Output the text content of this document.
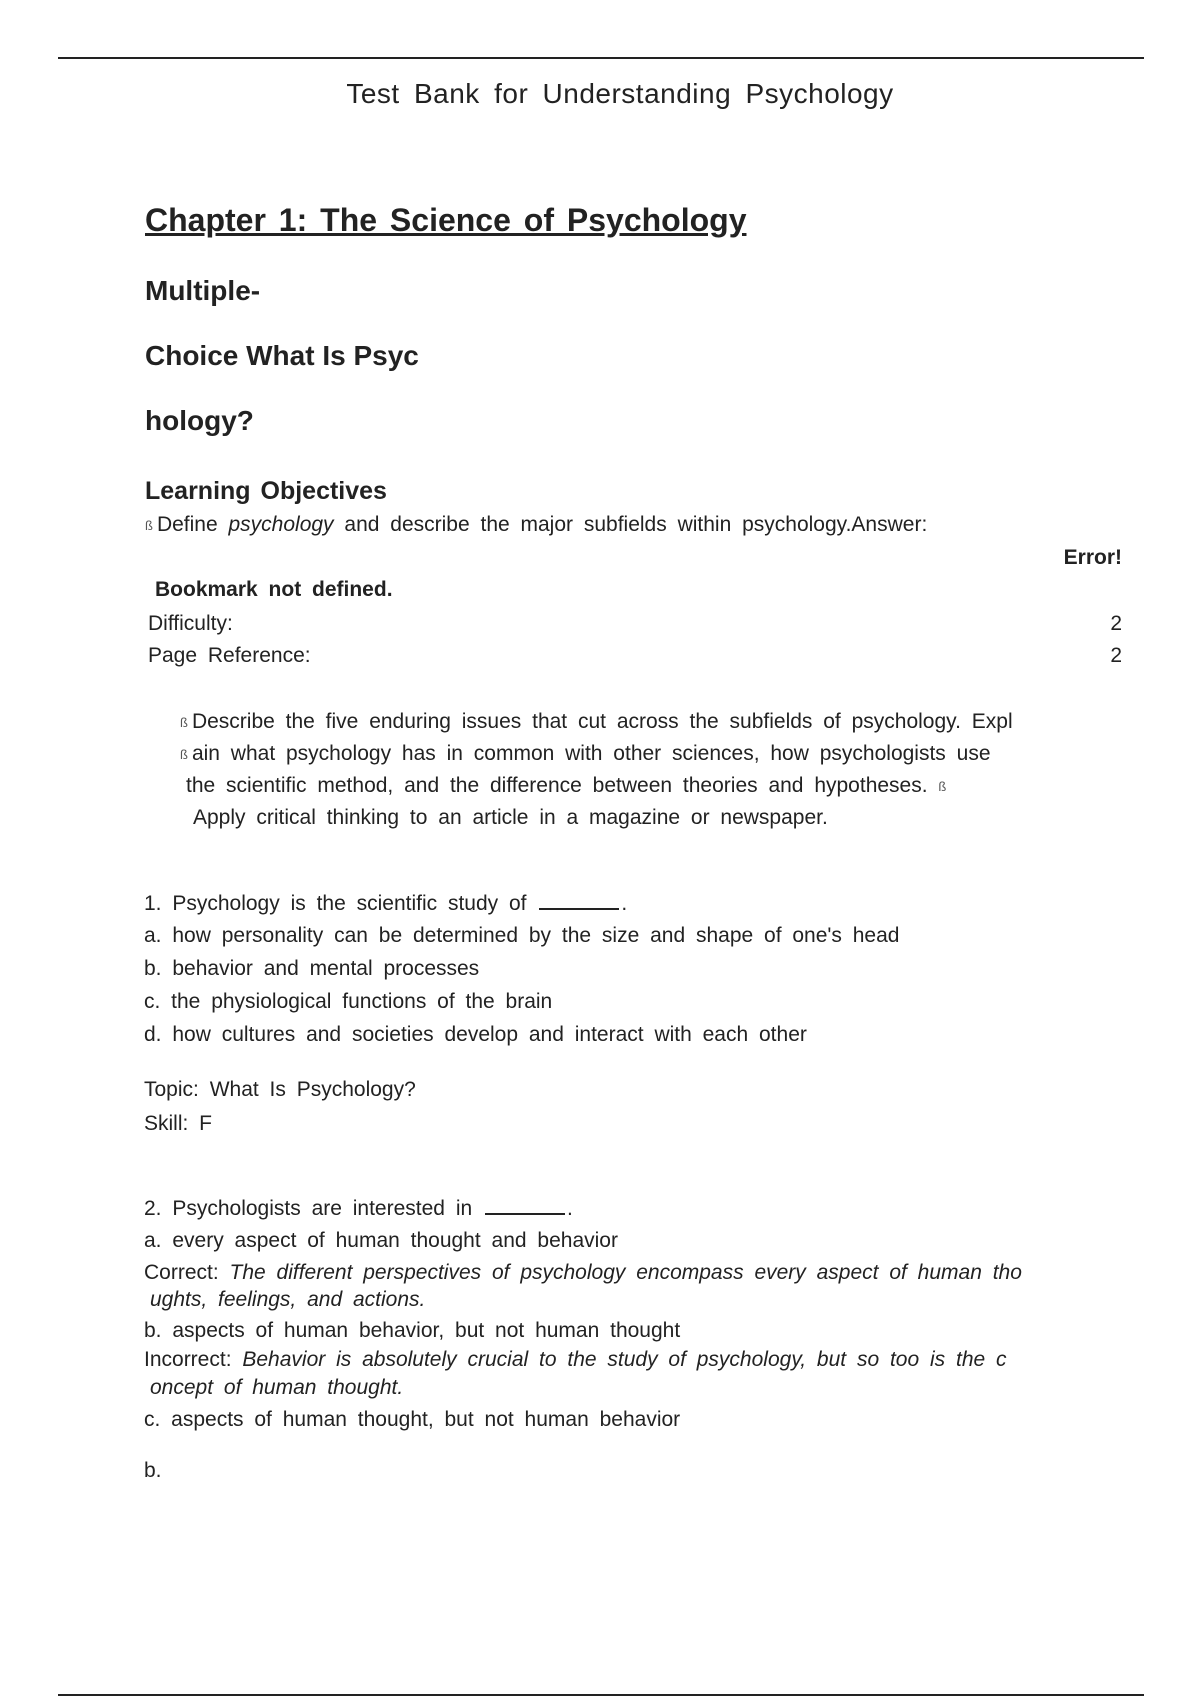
Test Bank for Understanding Psychology
Chapter 1: The Science of Psychology
Multiple-
Choice What Is Psyc
hology?
Learning Objectives
ß Define psychology and describe the major subfields within psychology.Answer:
Error!
Bookmark not defined.
Difficulty:	2
Page Reference:	2
ß Describe the five enduring issues that cut across the subfields of psychology. Expl
ß ain what psychology has in common with other sciences, how psychologists use
the scientific method, and the difference between theories and hypotheses. ß
Apply critical thinking to an article in a magazine or newspaper.
1. Psychology is the scientific study of	.
a. how personality can be determined by the size and shape of one's head
b. behavior and mental processes
c. the physiological functions of the brain
d. how cultures and societies develop and interact with each other
Topic: What Is Psychology?
Skill: F
2. Psychologists are interested in	.
a. every aspect of human thought and behavior
Correct: The different perspectives of psychology encompass every aspect of human tho
ughts, feelings, and actions.
b. aspects of human behavior, but not human thought
Incorrect: Behavior is absolutely crucial to the study of psychology, but so too is the c
oncept of human thought.
c. aspects of human thought, but not human behavior
b.
